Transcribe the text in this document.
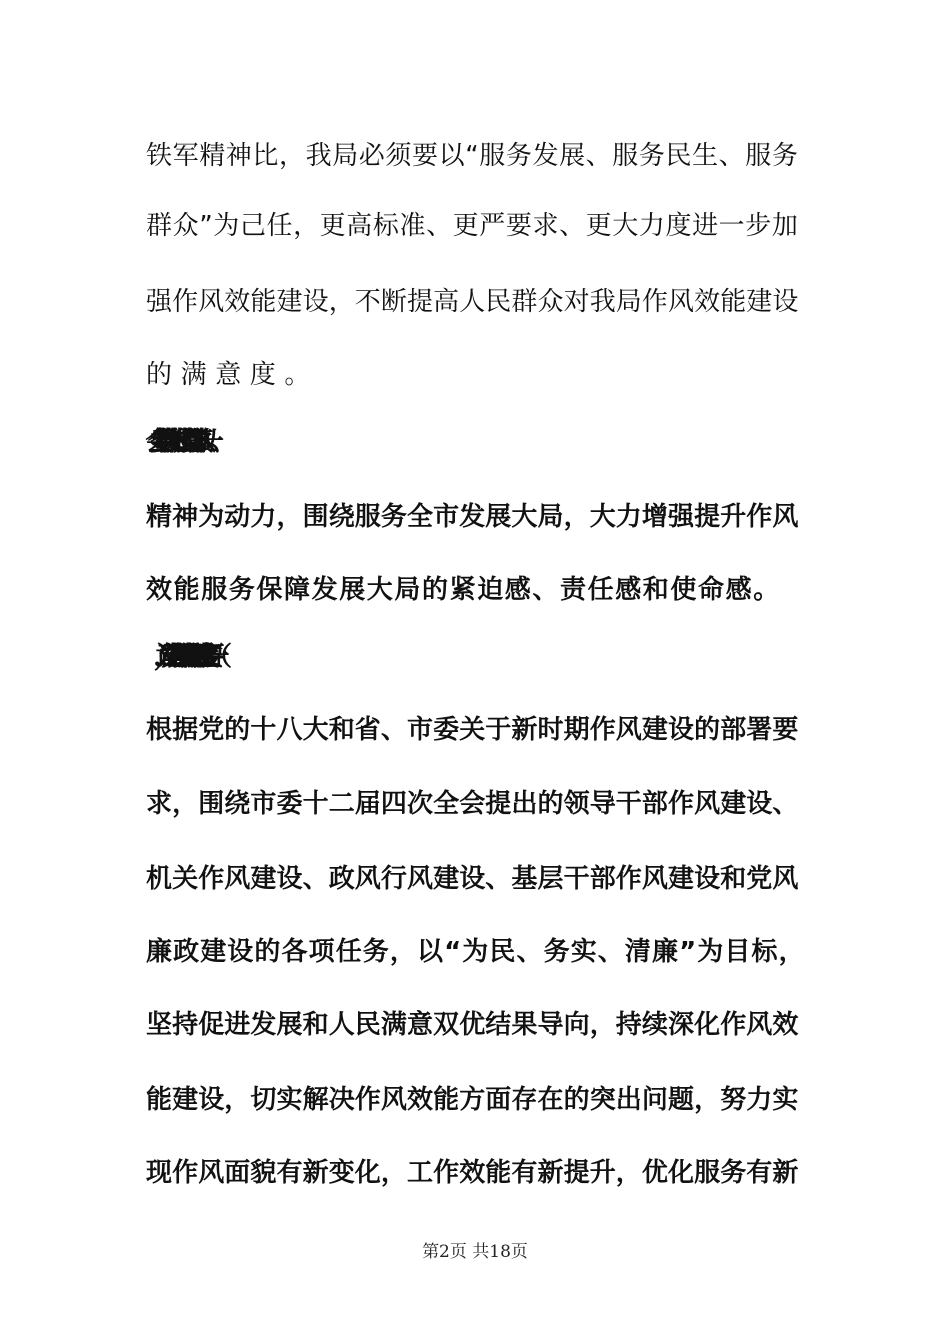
铁军精神比，我局必须要以“服务发展、服务民生、服务
群众”为己任，更高标准、更严要求、更大力度进一步加
强作风效能建设，不断提高人民群众对我局作风效能建设
的满意度。
精神为动力，围绕服务全市发展大局，大力增强提升作风
效能服务保障发展大局的紧迫感、责任感和使命感。
根据党的十八大和省、市委关于新时期作风建设的部署要
求，围绕市委十二届四次全会提出的领导干部作风建设、
机关作风建设、政风行风建设、基层干部作风建设和党风
廉政建设的各项任务，以“为民、务实、清廉”为目标，
坚持促进发展和人民满意双优结果导向，持续深化作风效
能建设，切实解决作风效能方面存在的突出问题，努力实
现作风面貌有新变化，工作效能有新提升，优化服务有新
第2页 共18页
